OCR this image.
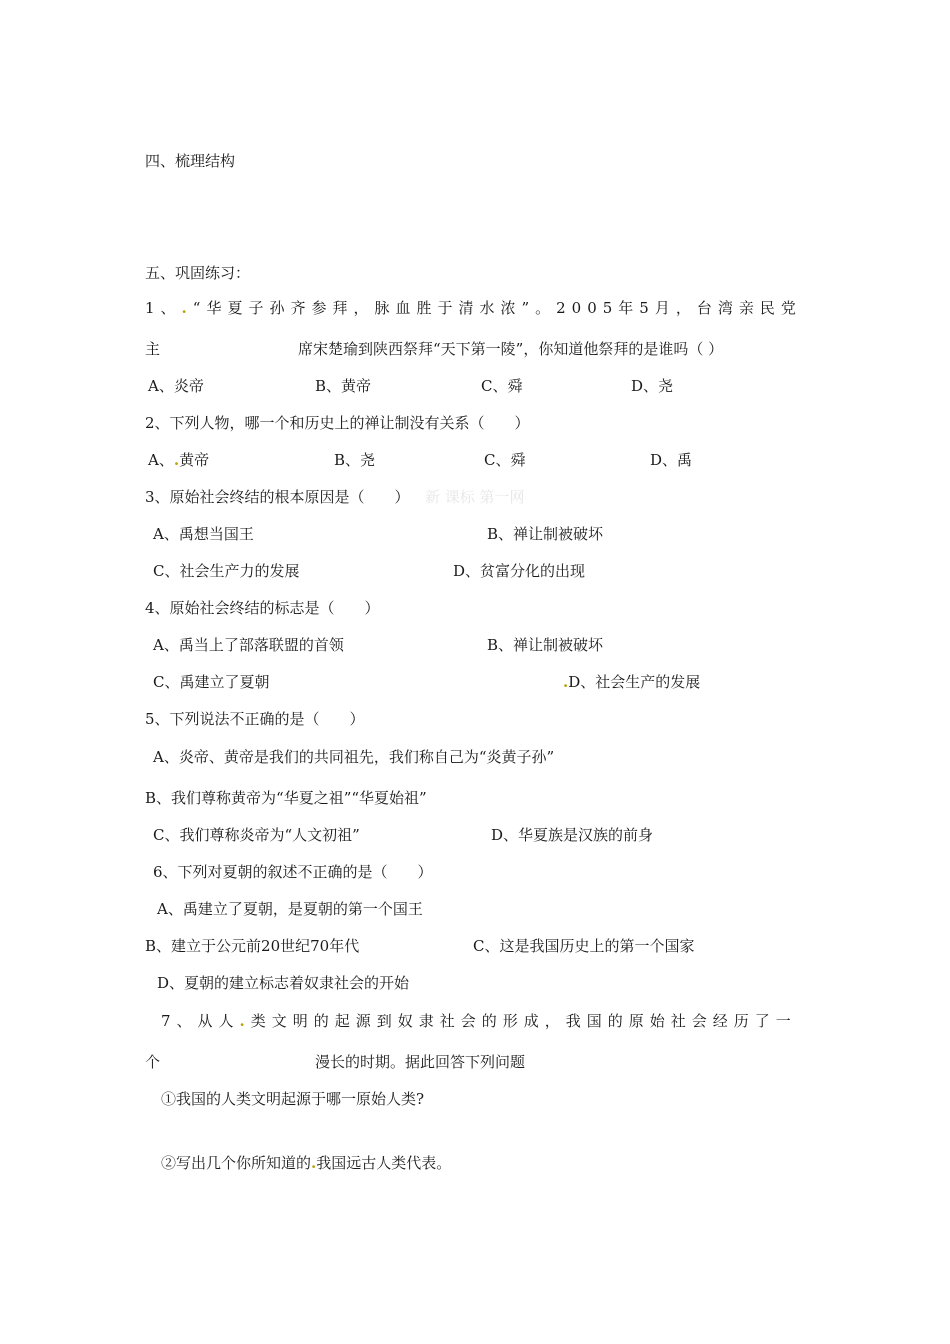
四、梳理结构
五、巩固练习：
1、.“华夏子孙齐参拜，脉血胜于清水浓”。2005年5月，台湾亲民党
主	席宋楚瑜到陕西祭拜“天下第一陵”，你知道他祭拜的是谁吗（ ）
A、炎帝	B、黄帝	C、舜	D、尧
2、下列人物，哪一个和历史上的禅让制没有关系（　　）
A、.黄帝	B、尧	C、舜	D、禹
3、原始社会终结的根本原因是（　　） 新 课标 第一网
A、禹想当国王	B、禅让制被破坏
C、社会生产力的发展	D、贫富分化的出现
4、原始社会终结的标志是（　　）
A、禹当上了部落联盟的首领	B、禅让制被破坏
C、禹建立了夏朝	.D、社会生产的发展
5、下列说法不正确的是（　　）
A、炎帝、黄帝是我们的共同祖先，我们称自己为“炎黄子孙”
B、我们尊称黄帝为“华夏之祖”“华夏始祖”
C、我们尊称炎帝为“人文初祖”	D、华夏族是汉族的前身
6、下列对夏朝的叙述不正确的是（　　）
A、禹建立了夏朝，是夏朝的第一个国王
B、建立于公元前20世纪70年代	C、这是我国历史上的第一个国家
D、夏朝的建立标志着奴隶社会的开始
7、从人.类文明的起源到奴隶社会的形成，我国的原始社会经历了一
个	漫长的时期。据此回答下列问题
①我国的人类文明起源于哪一原始人类?
②写出几个你所知道的.我国远古人类代表。
